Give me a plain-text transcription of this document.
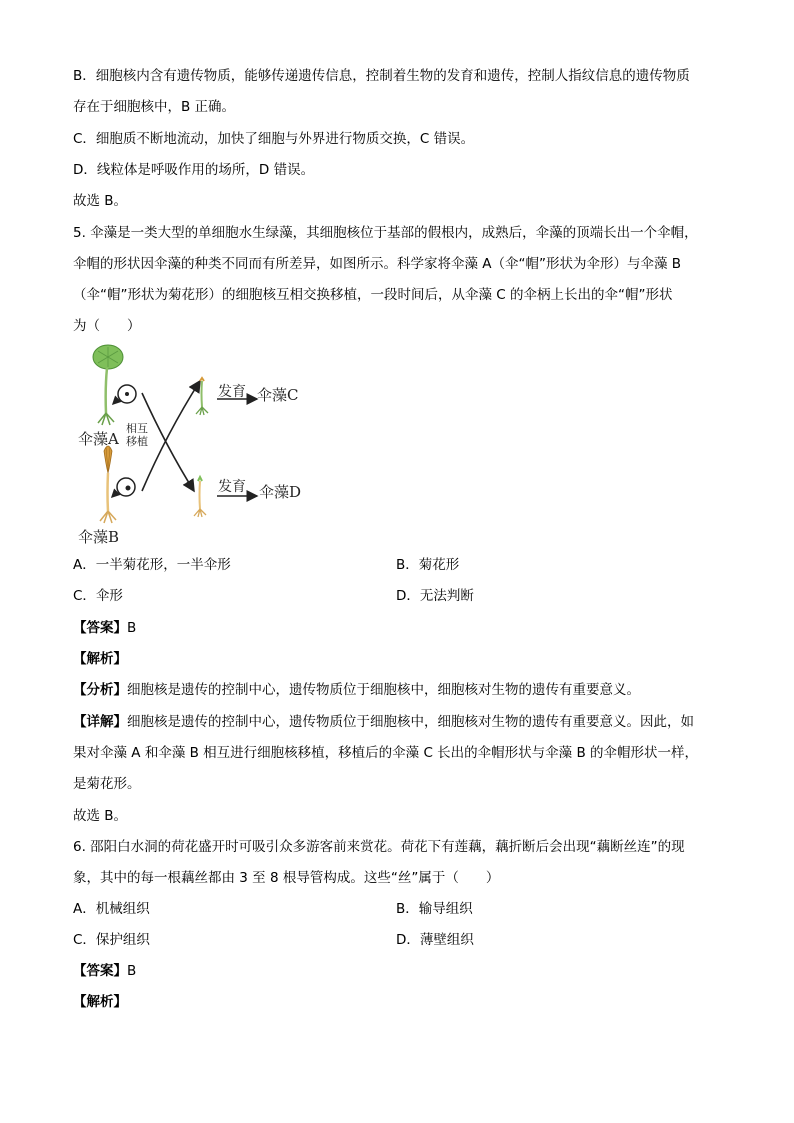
B．细胞核内含有遗传物质，能够传递遗传信息，控制着生物的发育和遗传，控制人指纹信息的遗传物质
存在于细胞核中，B 正确。
C．细胞质不断地流动，加快了细胞与外界进行物质交换，C 错误。
D．线粒体是呼吸作用的场所，D 错误。
故选 B。
5. 伞藻是一类大型的单细胞水生绿藻，其细胞核位于基部的假根内，成熟后，伞藻的顶端长出一个伞帽，
伞帽的形状因伞藻的种类不同而有所差异，如图所示。科学家将伞藻 A（伞“帽”形状为伞形）与伞藻 B
（伞“帽”形状为菊花形）的细胞核互相交换移植，一段时间后，从伞藻 C 的伞柄上长出的伞“帽”形状
为（　　）
伞藻A
相互
移植
伞藻B
发育 伞藻C
发育 伞藻D
A．一半菊花形，一半伞形	B．菊花形
C．伞形	D．无法判断
【答案】B
【解析】
【分析】细胞核是遗传的控制中心，遗传物质位于细胞核中，细胞核对生物的遗传有重要意义。
【详解】细胞核是遗传的控制中心，遗传物质位于细胞核中，细胞核对生物的遗传有重要意义。因此，如
果对伞藻 A 和伞藻 B 相互进行细胞核移植，移植后的伞藻 C 长出的伞帽形状与伞藻 B 的伞帽形状一样，
是菊花形。
故选 B。
6. 邵阳白水洞的荷花盛开时可吸引众多游客前来赏花。荷花下有莲藕，藕折断后会出现“藕断丝连”的现
象，其中的每一根藕丝都由 3 至 8 根导管构成。这些“丝”属于（　　）
A．机械组织	B．输导组织
C．保护组织	D．薄壁组织
【答案】B
【解析】
